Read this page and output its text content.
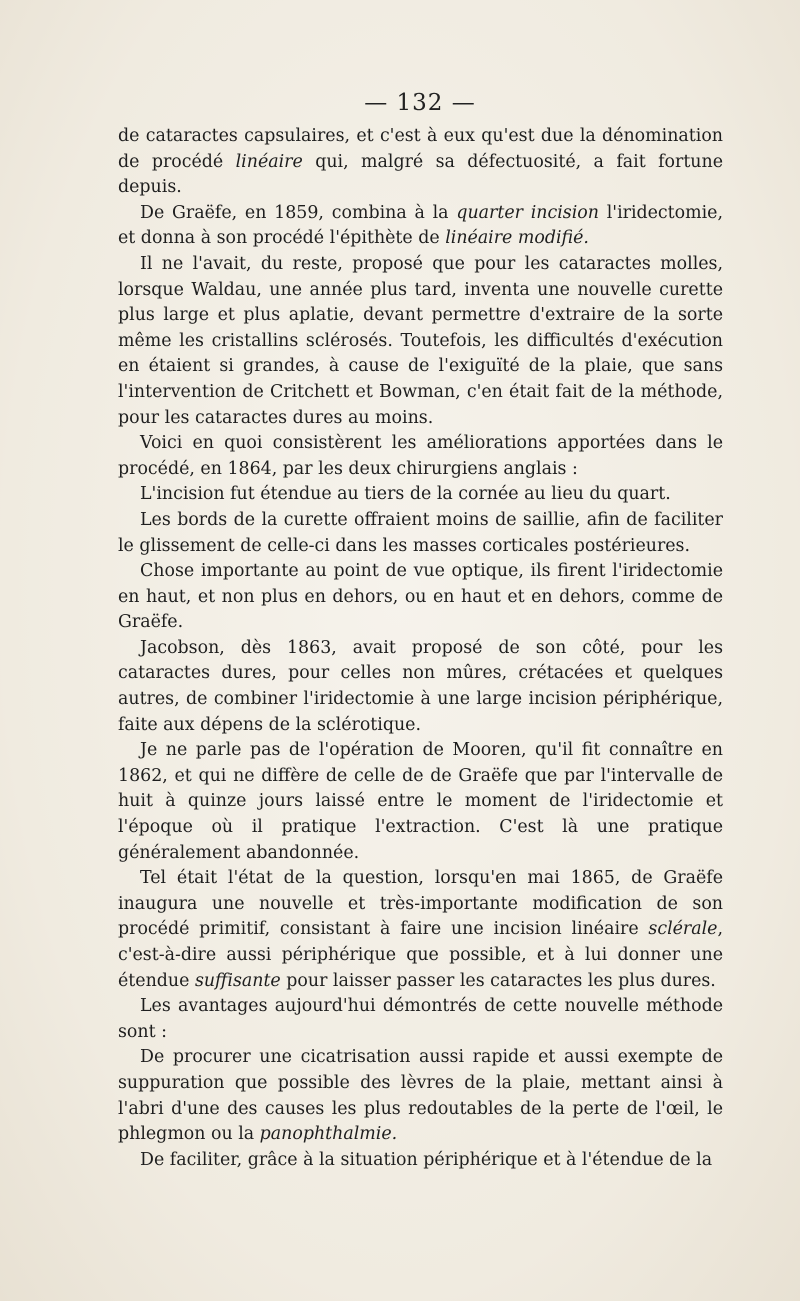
— 132 —

de cataractes capsulaires, et c'est à eux qu'est due la dénomination de procédé linéaire qui, malgré sa défectuosité, a fait fortune depuis.

De Graëfe, en 1859, combina à la quarter incision l'iridectomie, et donna à son procédé l'épithète de linéaire modifié.

Il ne l'avait, du reste, proposé que pour les cataractes molles, lorsque Waldau, une année plus tard, inventa une nouvelle curette plus large et plus aplatie, devant permettre d'extraire de la sorte même les cristallins sclérosés. Toutefois, les difficultés d'exécution en étaient si grandes, à cause de l'exiguïté de la plaie, que sans l'intervention de Critchett et Bowman, c'en était fait de la méthode, pour les cataractes dures au moins.

Voici en quoi consistèrent les améliorations apportées dans le procédé, en 1864, par les deux chirurgiens anglais :

L'incision fut étendue au tiers de la cornée au lieu du quart.

Les bords de la curette offraient moins de saillie, afin de faciliter le glissement de celle-ci dans les masses corticales postérieures.

Chose importante au point de vue optique, ils firent l'iridectomie en haut, et non plus en dehors, ou en haut et en dehors, comme de Graëfe.

Jacobson, dès 1863, avait proposé de son côté, pour les cataractes dures, pour celles non mûres, crétacées et quelques autres, de combiner l'iridectomie à une large incision périphérique, faite aux dépens de la sclérotique.

Je ne parle pas de l'opération de Mooren, qu'il fit connaître en 1862, et qui ne diffère de celle de de Graëfe que par l'intervalle de huit à quinze jours laissé entre le moment de l'iridectomie et l'époque où il pratique l'extraction. C'est là une pratique généralement abandonnée.

Tel était l'état de la question, lorsqu'en mai 1865, de Graëfe inaugura une nouvelle et très-importante modification de son procédé primitif, consistant à faire une incision linéaire sclérale, c'est-à-dire aussi périphérique que possible, et à lui donner une étendue suffisante pour laisser passer les cataractes les plus dures.

Les avantages aujourd'hui démontrés de cette nouvelle méthode sont :

De procurer une cicatrisation aussi rapide et aussi exempte de suppuration que possible des lèvres de la plaie, mettant ainsi à l'abri d'une des causes les plus redoutables de la perte de l'œil, le phlegmon ou la panophthalmie.

De faciliter, grâce à la situation périphérique et à l'étendue de la
